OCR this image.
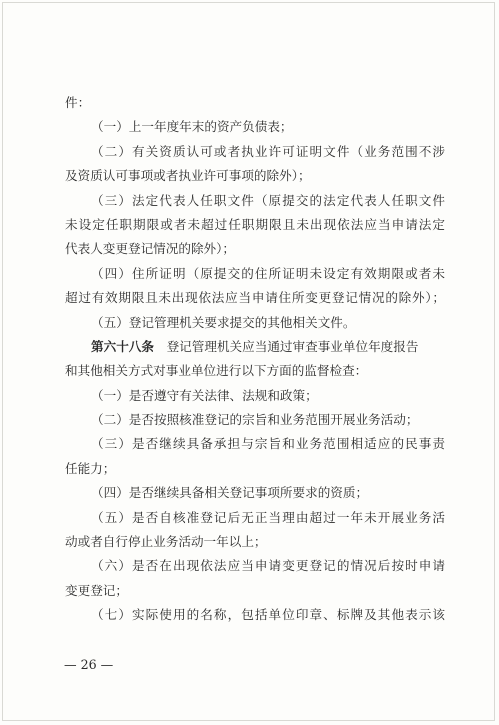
件：
（一）上一年度年末的资产负债表；
（二）有关资质认可或者执业许可证明文件（业务范围不涉
及资质认可事项或者执业许可事项的除外）；
（三）法定代表人任职文件（原提交的法定代表人任职文件
未设定任职期限或者未超过任职期限且未出现依法应当申请法定
代表人变更登记情况的除外）；
（四）住所证明（原提交的住所证明未设定有效期限或者未
超过有效期限且未出现依法应当申请住所变更登记情况的除外）；
（五）登记管理机关要求提交的其他相关文件。
第六十八条　登记管理机关应当通过审查事业单位年度报告
和其他相关方式对事业单位进行以下方面的监督检查：
（一）是否遵守有关法律、法规和政策；
（二）是否按照核准登记的宗旨和业务范围开展业务活动；
（三）是否继续具备承担与宗旨和业务范围相适应的民事责
任能力；
（四）是否继续具备相关登记事项所要求的资质；
（五）是否自核准登记后无正当理由超过一年未开展业务活
动或者自行停止业务活动一年以上；
（六）是否在出现依法应当申请变更登记的情况后按时申请
变更登记；
（七）实际使用的名称，包括单位印章、标牌及其他表示该
— 26 —
